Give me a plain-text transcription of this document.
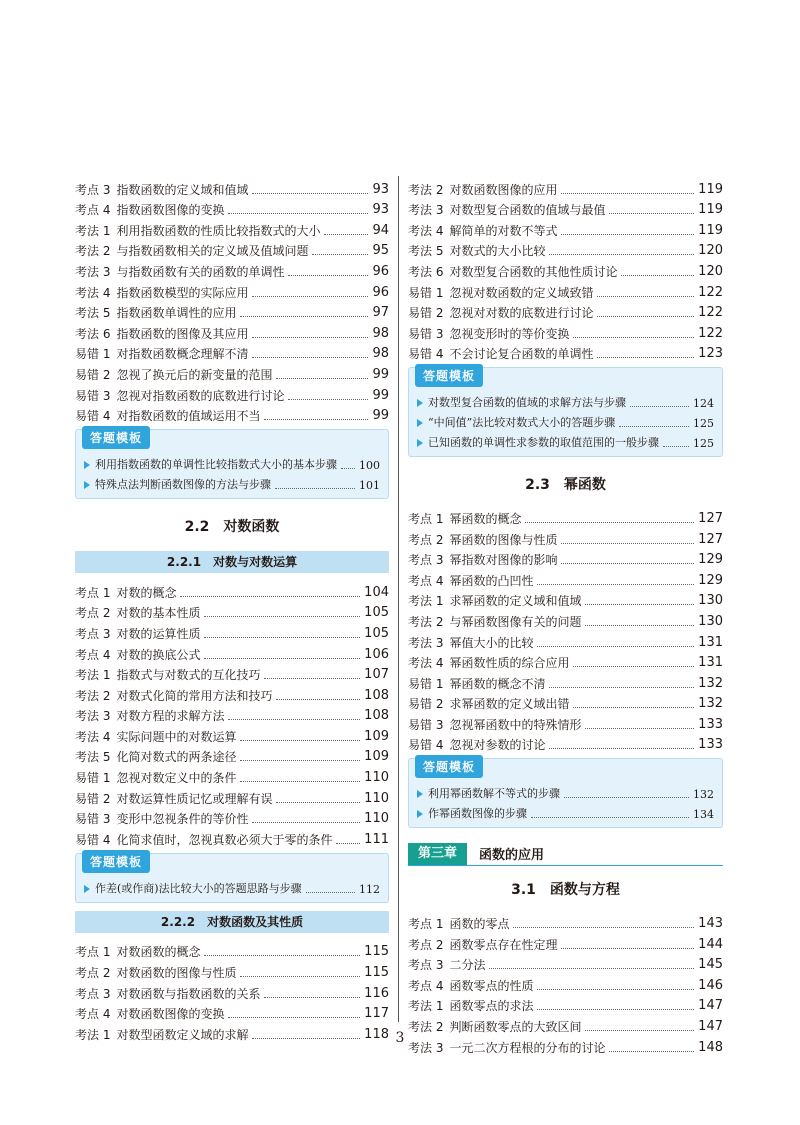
考点 3 指数函数的定义域和值域	93
考点 4 指数函数图像的变换	93
考法 1 利用指数函数的性质比较指数式的大小	94
考法 2 与指数函数相关的定义域及值域问题	95
考法 3 与指数函数有关的函数的单调性	96
考法 4 指数函数模型的实际应用	96
考法 5 指数函数单调性的应用	97
考法 6 指数函数的图像及其应用	98
易错 1 对指数函数概念理解不清	98
易错 2 忽视了换元后的新变量的范围	99
易错 3 忽视对指数函数的底数进行讨论	99
易错 4 对指数函数的值域运用不当	99
答题模板
利用指数函数的单调性比较指数式大小的基本步骤 100
特殊点法判断函数图像的方法与步骤	101
2.2　对数函数
2.2.1　对数与对数运算
考点 1 对数的概念	104
考点 2 对数的基本性质	105
考点 3 对数的运算性质	105
考点 4 对数的换底公式	106
考法 1 指数式与对数式的互化技巧	107
考法 2 对数式化简的常用方法和技巧	108
考法 3 对数方程的求解方法	108
考法 4 实际问题中的对数运算	109
考法 5 化简对数式的两条途径	109
易错 1 忽视对数定义中的条件	110
易错 2 对数运算性质记忆或理解有误	110
易错 3 变形中忽视条件的等价性	110
易错 4 化简求值时，忽视真数必须大于零的条件 111
答题模板
作差(或作商)法比较大小的答题思路与步骤	112
2.2.2　对数函数及其性质
考点 1 对数函数的概念	115
考点 2 对数函数的图像与性质	115
考点 3 对数函数与指数函数的关系	116
考点 4 对数函数图像的变换	117
考法 1 对数型函数定义域的求解	118
考法 2 对数函数图像的应用	119
考法 3 对数型复合函数的值域与最值	119
考法 4 解简单的对数不等式	119
考法 5 对数式的大小比较	120
考法 6 对数型复合函数的其他性质讨论	120
易错 1 忽视对数函数的定义域致错	122
易错 2 忽视对对数的底数进行讨论	122
易错 3 忽视变形时的等价变换	122
易错 4 不会讨论复合函数的单调性	123
答题模板
对数型复合函数的值域的求解方法与步骤	124
“中间值”法比较对数式大小的答题步骤	125
已知函数的单调性求参数的取值范围的一般步骤	125
2.3　幂函数
考点 1 幂函数的概念	127
考点 2 幂函数的图像与性质	127
考点 3 幂指数对图像的影响	129
考点 4 幂函数的凸凹性	129
考法 1 求幂函数的定义域和值域	130
考法 2 与幂函数图像有关的问题	130
考法 3 幂值大小的比较	131
考法 4 幂函数性质的综合应用	131
易错 1 幂函数的概念不清	132
易错 2 求幂函数的定义域出错	132
易错 3 忽视幂函数中的特殊情形	133
易错 4 忽视对参数的讨论	133
答题模板
利用幂函数解不等式的步骤	132
作幂函数图像的步骤	134
第三章	函数的应用
3.1　函数与方程
考点 1 函数的零点	143
考点 2 函数零点存在性定理	144
考点 3 二分法	145
考点 4 函数零点的性质	146
考法 1 函数零点的求法	147
考法 2 判断函数零点的大致区间	147
考法 3 一元二次方程根的分布的讨论	148
3
